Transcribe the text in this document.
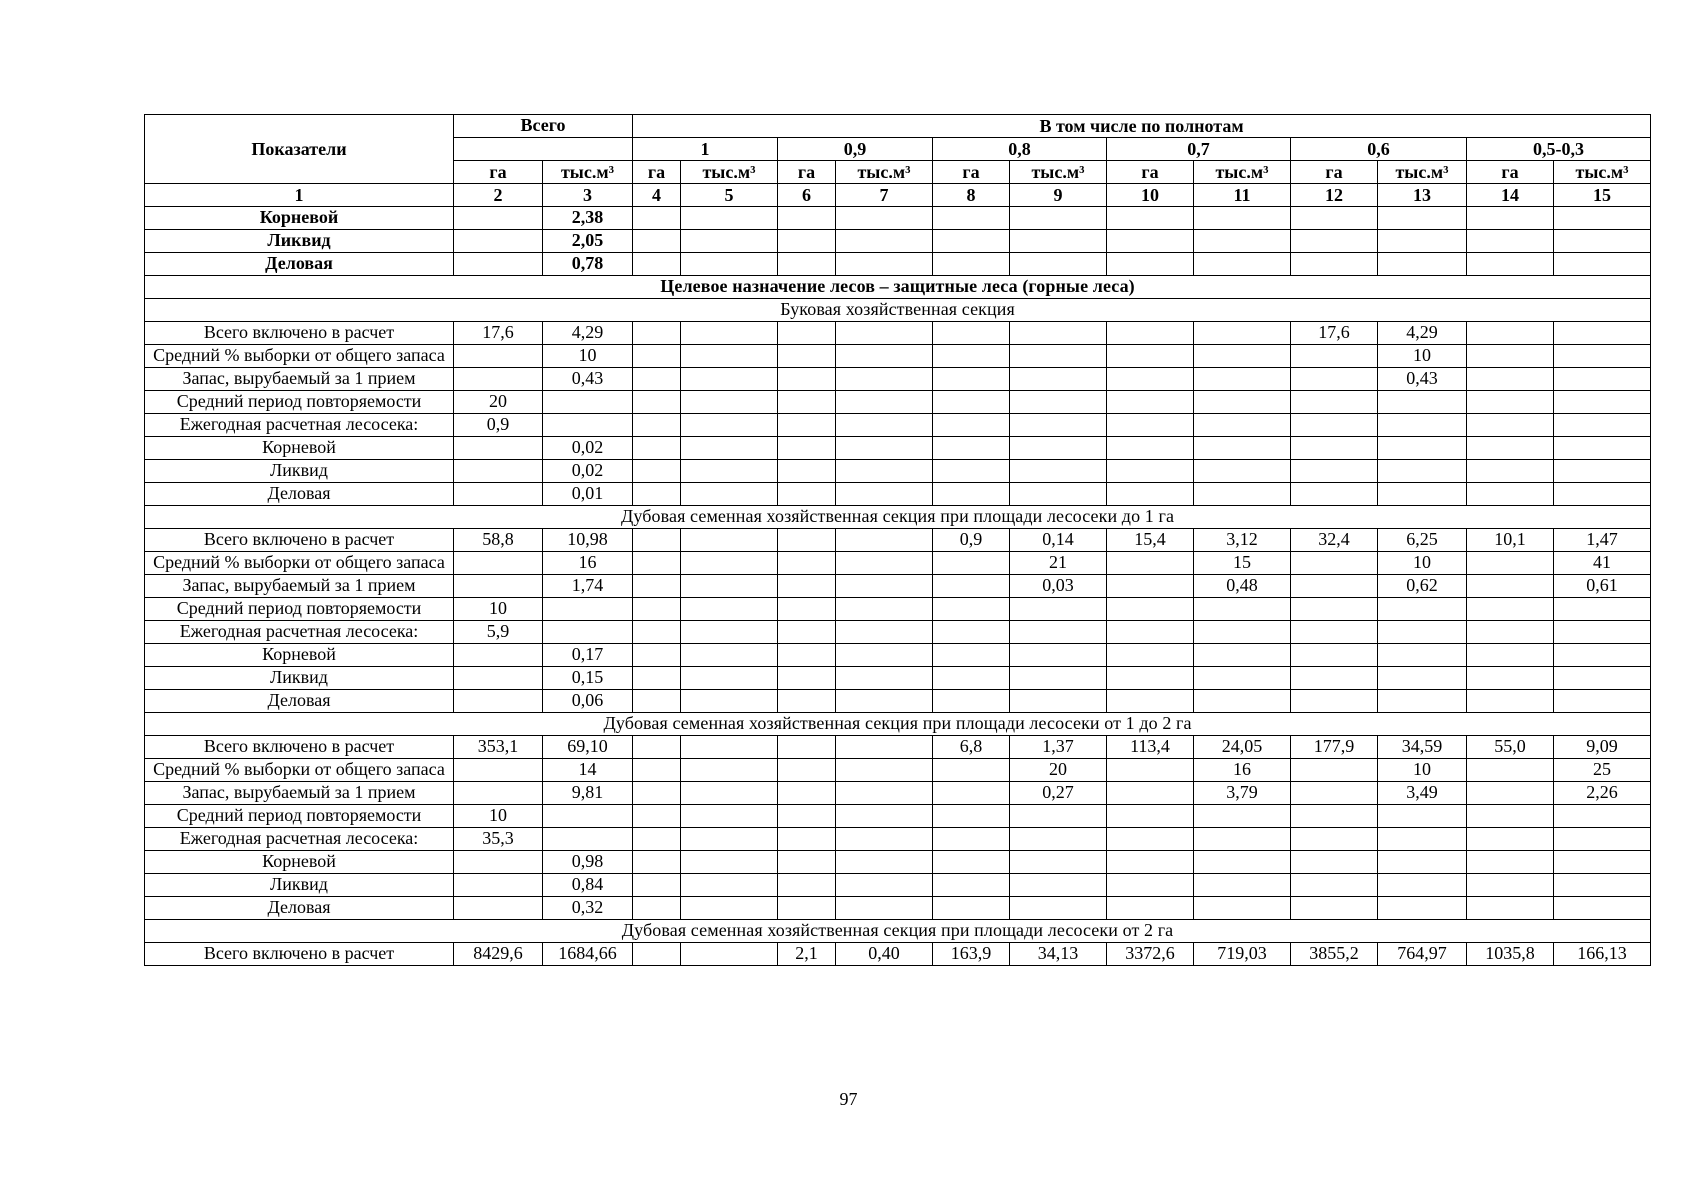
Показатели	Всего		В том числе по полнотам											
			1		0,9		0,8		0,7		0,6		0,5-0,3	
	га	тыс.м³	га	тыс.м³	га	тыс.м³	га	тыс.м³	га	тыс.м³	га	тыс.м³	га	тыс.м³
1	2	3	4	5	6	7	8	9	10	11	12	13	14	15
Корневой		2,38												
Ликвид		2,05												
Деловая		0,78												
Целевое назначение лесов – защитные леса (горные леса)														
Буковая хозяйственная секция														
Всего включено в расчет	17,6	4,29									17,6	4,29		
Средний % выборки от общего запаса		10										10		
Запас, вырубаемый за 1 прием		0,43										0,43		
Средний период повторяемости	20													
Ежегодная расчетная лесосека:	0,9													
Корневой		0,02												
Ликвид		0,02												
Деловая		0,01												
Дубовая семенная хозяйственная секция при площади лесосеки до 1 га														
Всего включено в расчет	58,8	10,98					0,9	0,14	15,4	3,12	32,4	6,25	10,1	1,47
Средний % выборки от общего запаса		16						21		15		10		41
Запас, вырубаемый за 1 прием		1,74						0,03		0,48		0,62		0,61
Средний период повторяемости	10													
Ежегодная расчетная лесосека:	5,9													
Корневой		0,17												
Ликвид		0,15												
Деловая		0,06												
Дубовая семенная хозяйственная секция при площади лесосеки от 1 до 2 га														
Всего включено в расчет	353,1	69,10					6,8	1,37	113,4	24,05	177,9	34,59	55,0	9,09
Средний % выборки от общего запаса		14						20		16		10		25
Запас, вырубаемый за 1 прием		9,81						0,27		3,79		3,49		2,26
Средний период повторяемости	10													
Ежегодная расчетная лесосека:	35,3													
Корневой		0,98												
Ликвид		0,84												
Деловая		0,32												
Дубовая семенная хозяйственная секция при площади лесосеки от 2 га														
Всего включено в расчет	8429,6	1684,66			2,1	0,40	163,9	34,13	3372,6	719,03	3855,2	764,97	1035,8	166,13
97
